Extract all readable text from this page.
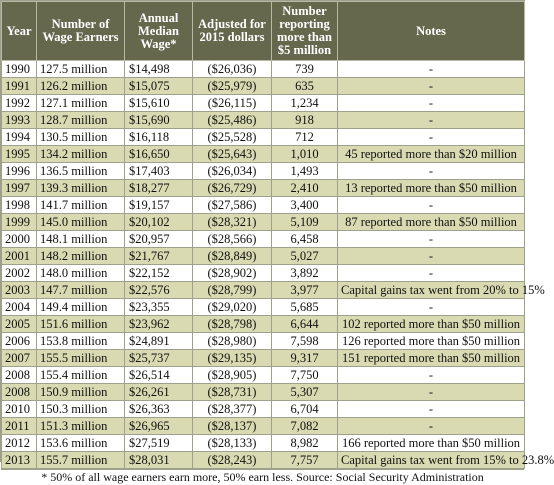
Year	Number of Wage Earners	Annual Median Wage*	Adjusted for 2015 dollars	Number reporting more than $5 million	Notes
1990	127.5 million	$14,498	($26,036)	739	-
1991	126.2 million	$15,075	($25,979)	635	-
1992	127.1 million	$15,610	($26,115)	1,234	-
1993	128.7 million	$15,690	($25,486)	918	-
1994	130.5 million	$16,118	($25,528)	712	-
1995	134.2 million	$16,650	($25,643)	1,010	45 reported more than $20 million
1996	136.5 million	$17,403	($26,034)	1,493	-
1997	139.3 million	$18,277	($26,729)	2,410	13 reported more than $50 million
1998	141.7 million	$19,157	($27,586)	3,400	-
1999	145.0 million	$20,102	($28,321)	5,109	87 reported more than $50 million
2000	148.1 million	$20,957	($28,566)	6,458	-
2001	148.2 million	$21,767	($28,849)	5,027	-
2002	148.0 million	$22,152	($28,902)	3,892	-
2003	147.7 million	$22,576	($28,799)	3,977	Capital gains tax went from 20% to 15%
2004	149.4 million	$23,355	($29,020)	5,685	-
2005	151.6 million	$23,962	($28,798)	6,644	102 reported more than $50 million
2006	153.8 million	$24,891	($28,980)	7,598	126 reported more than $50 million
2007	155.5 million	$25,737	($29,135)	9,317	151 reported more than $50 million
2008	155.4 million	$26,514	($28,905)	7,750	-
2008	150.9 million	$26,261	($28,731)	5,307	-
2010	150.3 million	$26,363	($28,377)	6,704	-
2011	151.3 million	$26,965	($28,137)	7,082	-
2012	153.6 million	$27,519	($28,133)	8,982	166 reported more than $50 million
2013	155.7 million	$28,031	($28,243)	7,757	Capital gains tax went from 15% to 23.8%
* 50% of all wage earners earn more, 50% earn less. Source: Social Security Administration
